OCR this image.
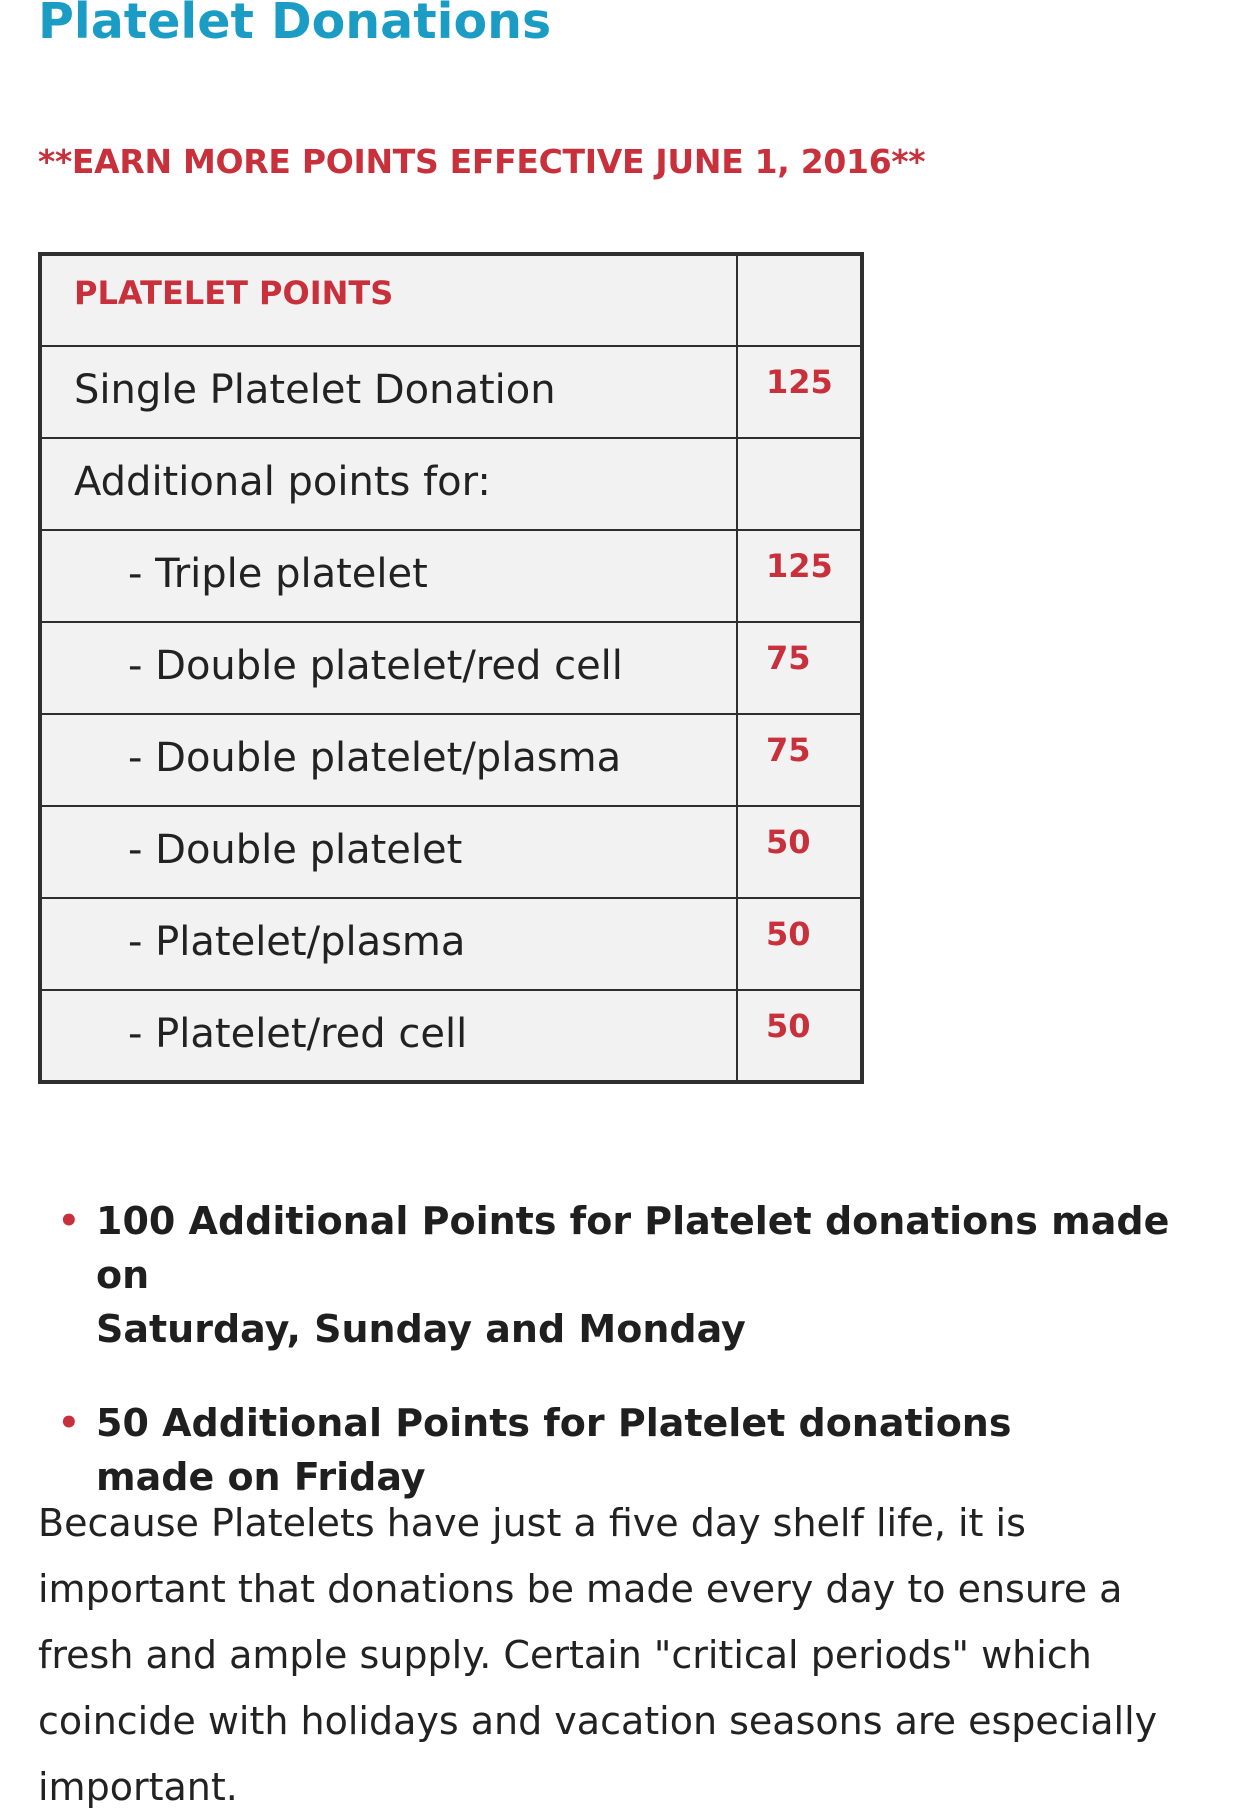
Platelet Donations

**EARN MORE POINTS EFFECTIVE JUNE 1, 2016**

PLATELET POINTS	
Single Platelet Donation	125
Additional points for:	
- Triple platelet	125
- Double platelet/red cell	75
- Double platelet/plasma	75
- Double platelet	50
- Platelet/plasma	50
- Platelet/red cell	50
• 100 Additional Points for Platelet donations made on
Saturday, Sunday and Monday
• 50 Additional Points for Platelet donations
made on Friday

Because Platelets have just a five day shelf life, it is important that donations be made every day to ensure a fresh and ample supply. Certain "critical periods" which coincide with holidays and vacation seasons are especially important.
